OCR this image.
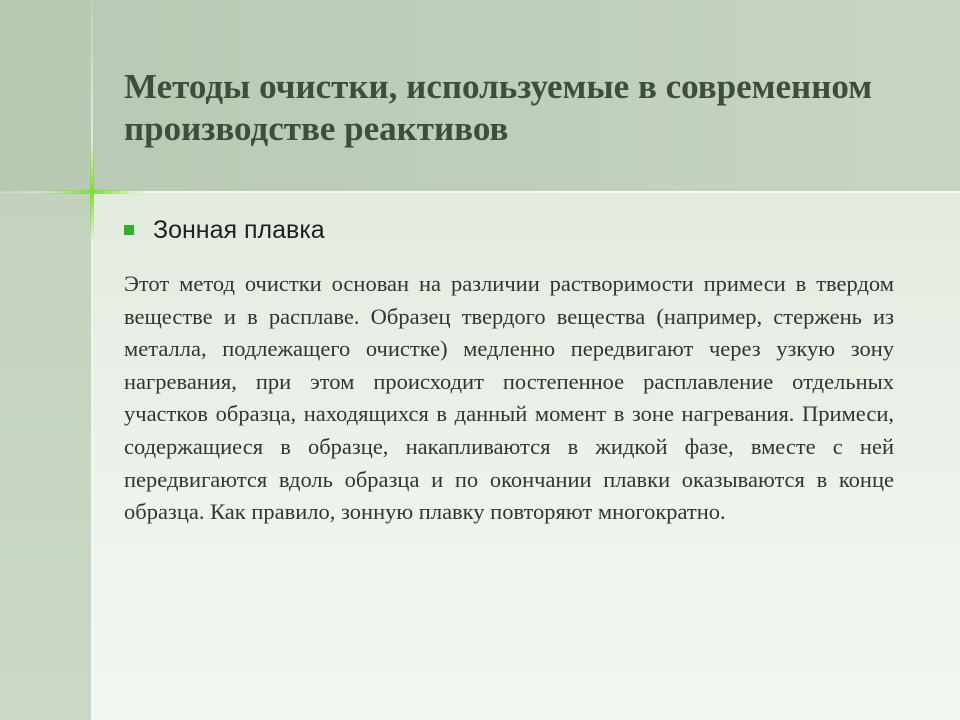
Методы очистки, используемые в современном производстве реактивов
Зонная плавка

Этот метод очистки основан на различии растворимости примеси в твердом веществе и в расплаве. Образец твердого вещества (например, стержень из металла, подлежащего очистке) медленно передвигают через узкую зону нагревания, при этом происходит постепенное расплавление отдельных участков образца, находящихся в данный момент в зоне нагревания. Примеси, содержащиеся в образце, накапливаются в жидкой фазе, вместе с ней передвигаются вдоль образца и по окончании плавки оказываются в конце образца. Как правило, зонную плавку повторяют многократно.
